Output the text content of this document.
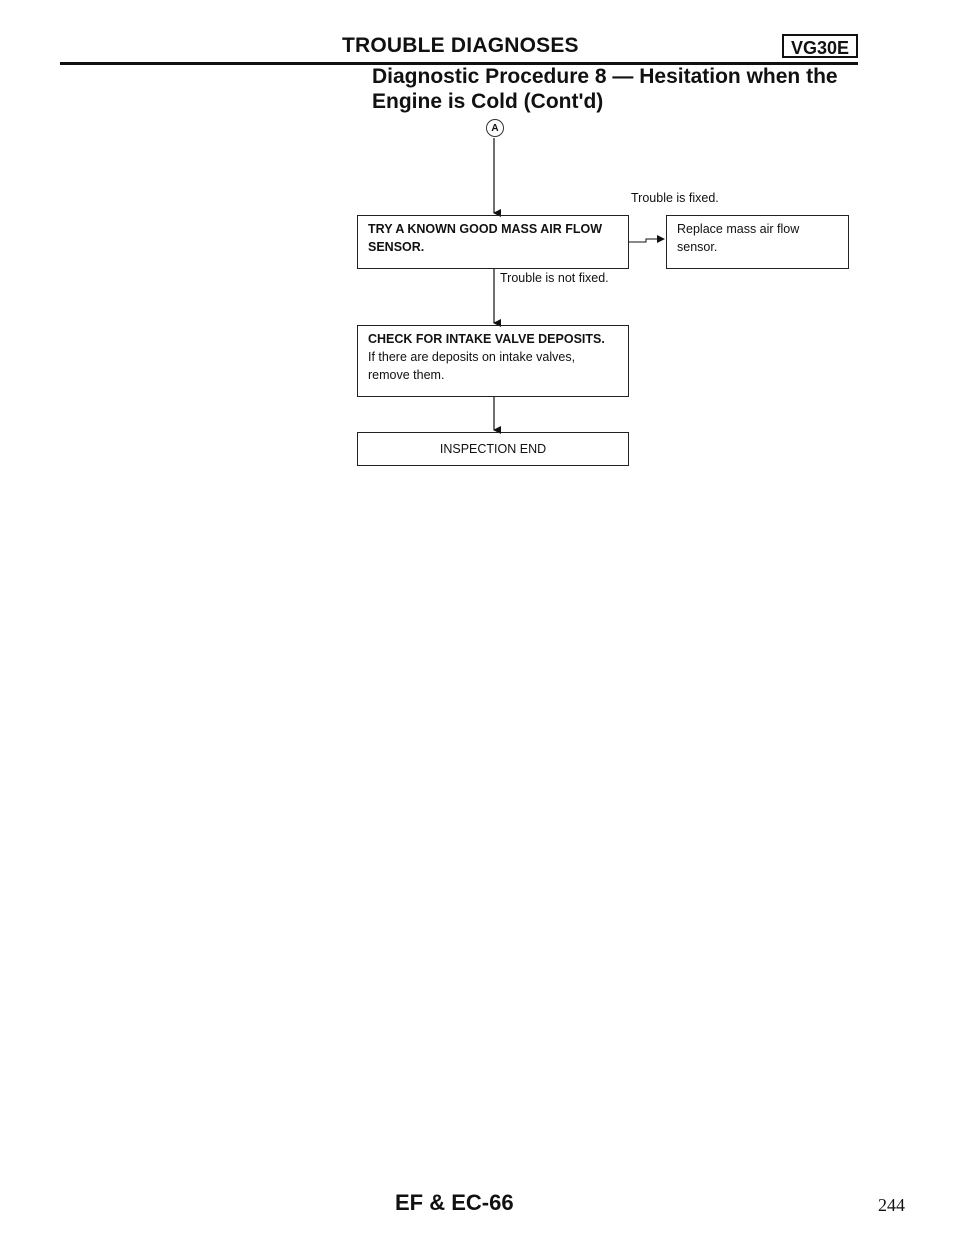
TROUBLE DIAGNOSES	VG30E
Diagnostic Procedure 8 — Hesitation when the Engine is Cold (Cont'd)
A
Trouble is fixed.
TRY A KNOWN GOOD MASS AIR FLOW SENSOR.
Replace mass air flow sensor.
Trouble is not fixed.
CHECK FOR INTAKE VALVE DEPOSITS.
If there are deposits on intake valves, remove them.
INSPECTION END
EF & EC-66	244
